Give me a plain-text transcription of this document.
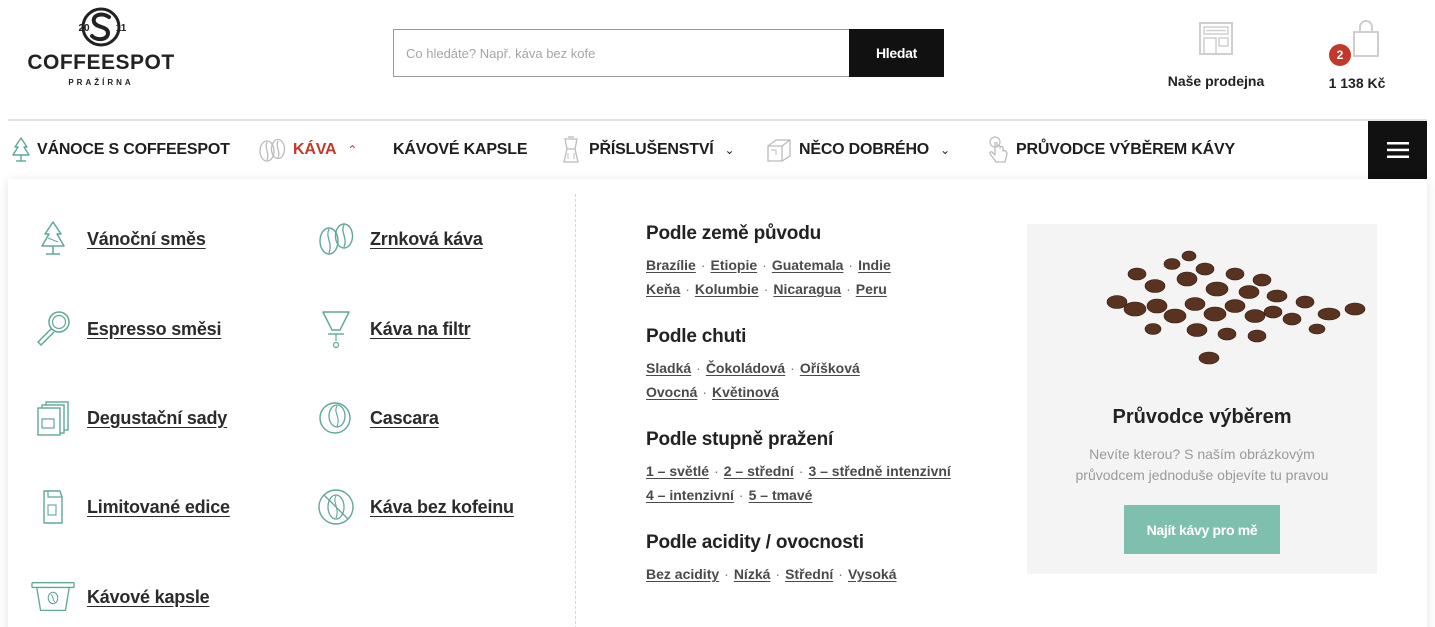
20	11
COFFEESPOT
PRAŽÍRNA
Co hledáte? Např. káva bez kofe
Hledat
Naše prodejna
2
1 138 Kč
VÁNOCE S COFFEESPOT	KÁVA ⌃ KÁVOVÉ KAPSLE	PŘÍSLUŠENSTVÍ ⌄	NĚCO DOBRÉHO ⌄	PRŮVODCE VÝBĚREM KÁVY
Vánoční směs
Espresso směsi
Degustační sady
Limitované edice
Kávové kapsle
Zrnková káva
Káva na filtr
Cascara
Káva bez kofeinu
Podle země původu
Brazílie · Etiopie · Guatemala · Indie
Keňa · Kolumbie · Nicaragua · Peru
Podle chuti
Sladká · Čokoládová · Oříšková
Ovocná · Květinová
Podle stupně pražení
1 – světlé · 2 – střední · 3 – středně intenzivní
4 – intenzivní · 5 – tmavé
Podle acidity / ovocnosti
Bez acidity · Nízká · Střední · Vysoká
Průvodce výběrem
Nevíte kterou? S naším obrázkovým průvodcem jednoduše objevíte tu pravou
Najít kávy pro mě
